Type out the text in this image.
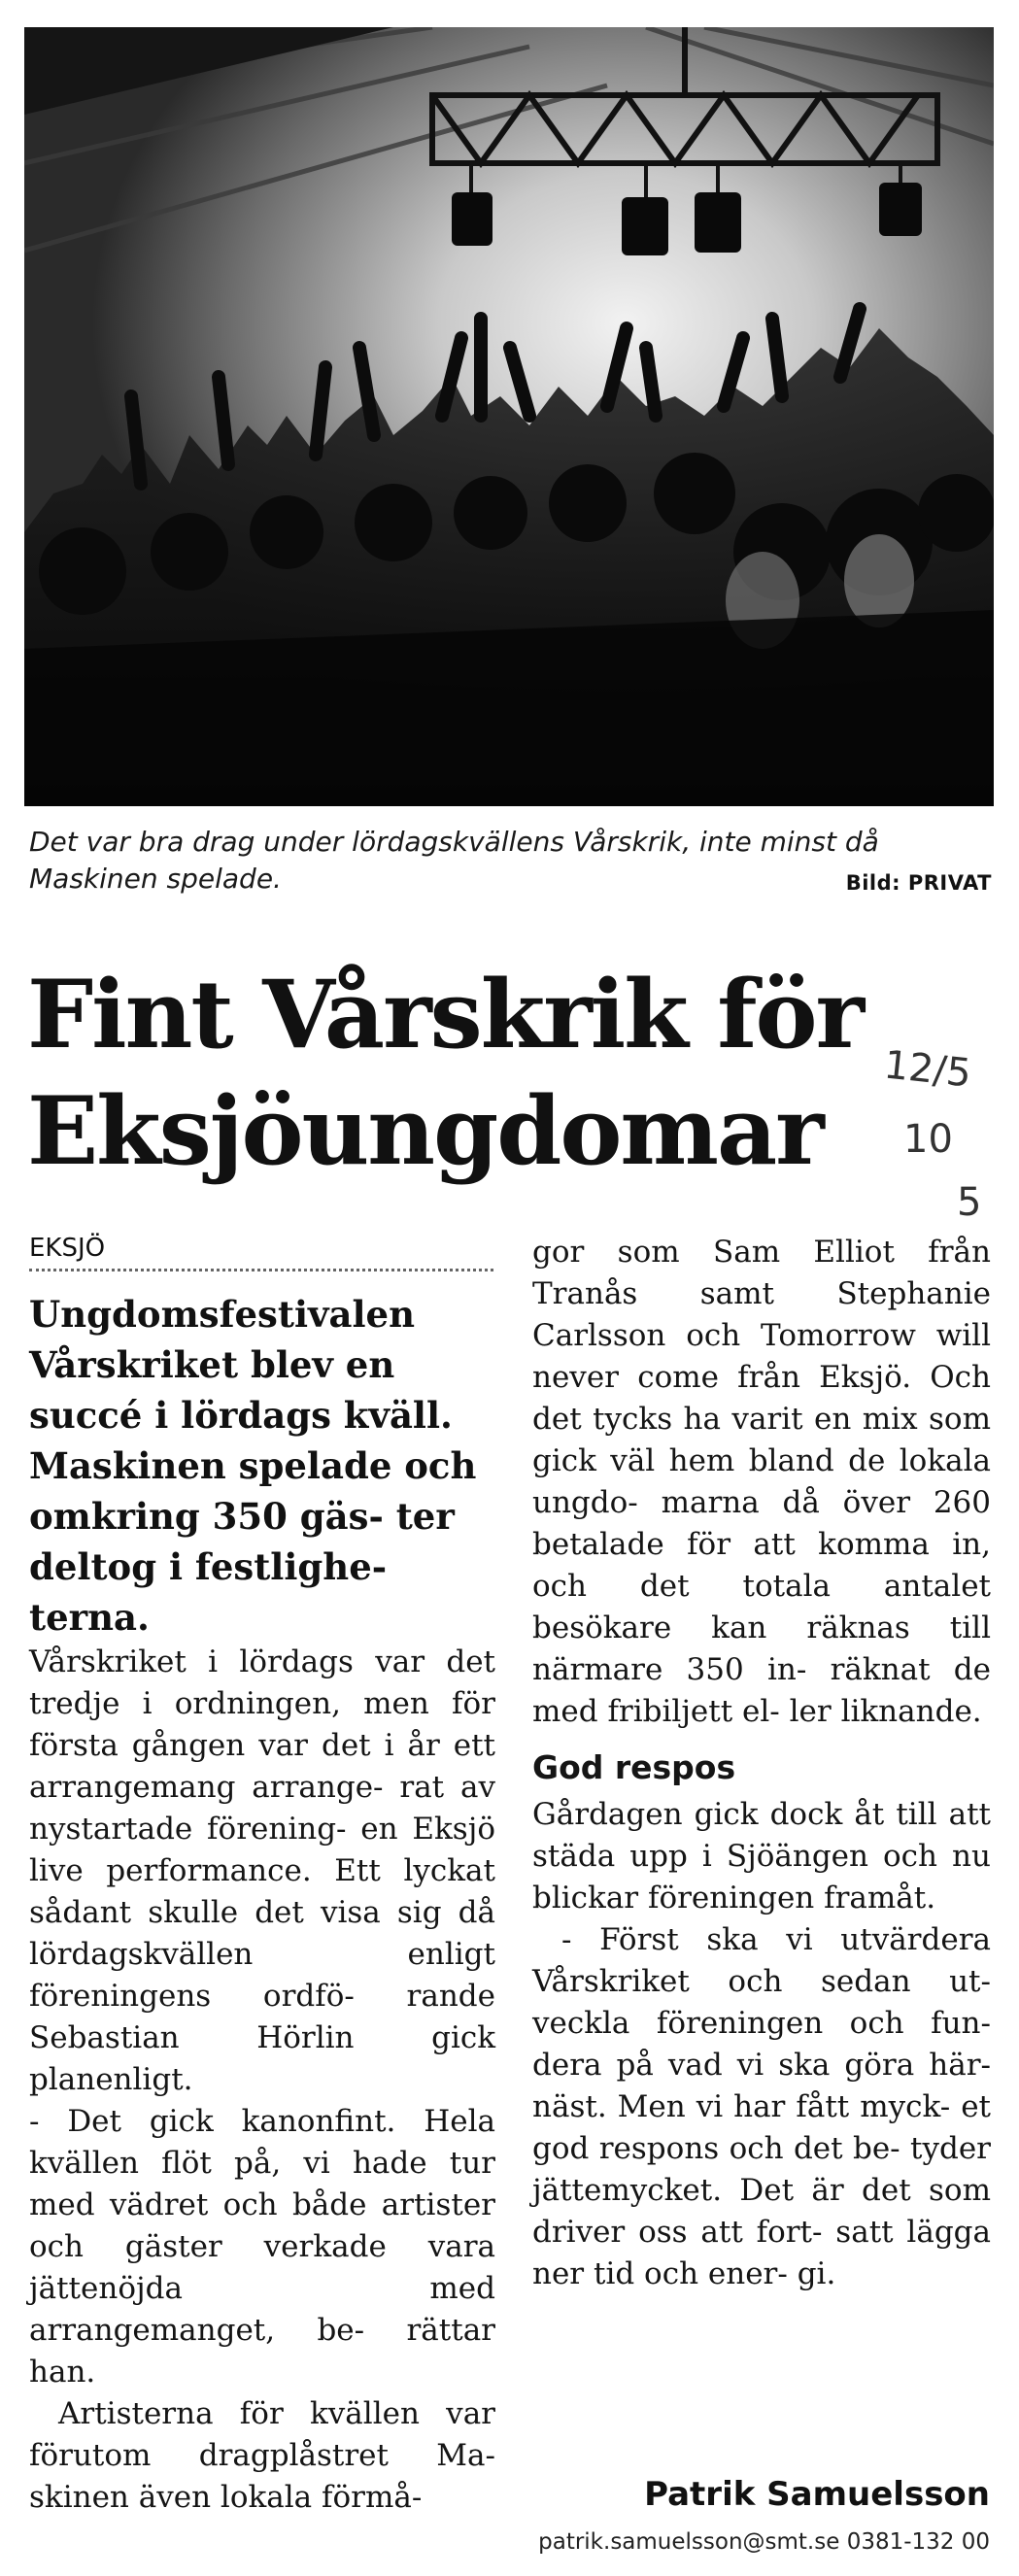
Det var bra drag under lördagskvällens Vårskrik, inte minst då Maskinen spelade.	Bild: PRIVAT
Fint Vårskrik för
Eksjöungdomar
12/5
10
5
EKSJÖ
Ungdomsfestivalen Vårskriket blev en succé i lördags kväll. Maskinen spelade och omkring 350 gäs- ter deltog i festlighe- terna.

Vårskriket i lördags var det tredje i ordningen, men för första gången var det i år ett arrangemang arrange- rat av nystartade förening- en Eksjö live performance. Ett lyckat sådant skulle det visa sig då lördagskvällen enligt föreningens ordfö- rande Sebastian Hörlin gick planenligt.

- Det gick kanonfint. Hela kvällen flöt på, vi hade tur med vädret och både artister och gäster verkade vara jättenöjda med arrangemanget, be- rättar han.

Artisterna för kvällen var förutom dragplåstret Ma- skinen även lokala förmå-

gor som Sam Elliot från Tranås samt Stephanie Carlsson och Tomorrow will never come från Eksjö. Och det tycks ha varit en mix som gick väl hem bland de lokala ungdo- marna då över 260 betalade för att komma in, och det totala antalet besökare kan räknas till närmare 350 in- räknat de med fribiljett el- ler liknande.

God respos

Gårdagen gick dock åt till att städa upp i Sjöängen och nu blickar föreningen framåt.

- Först ska vi utvärdera Vårskriket och sedan ut- veckla föreningen och fun- dera på vad vi ska göra här- näst. Men vi har fått myck- et god respons och det be- tyder jättemycket. Det är det som driver oss att fort- satt lägga ner tid och ener- gi.

Patrik Samuelsson
patrik.samuelsson@smt.se 0381-132 00
